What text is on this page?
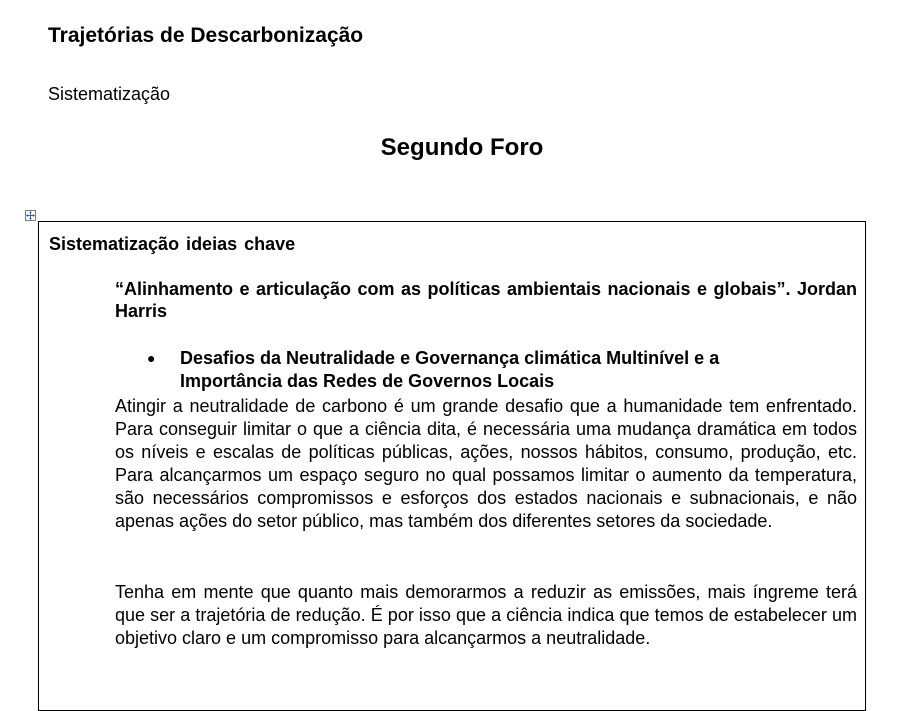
Trajetórias de Descarbonização

Sistematização

Segundo Foro

Sistematização ideias chave

“Alinhamento e articulação com as políticas ambientais nacionais e globais”. Jordan Harris

● Desafios da Neutralidade e Governança climática Multinível e a Importância das Redes de Governos Locais

Atingir a neutralidade de carbono é um grande desafio que a humanidade tem enfrentado. Para conseguir limitar o que a ciência dita, é necessária uma mudança dramática em todos os níveis e escalas de políticas públicas, ações, nossos hábitos, consumo, produção, etc. Para alcançarmos um espaço seguro no qual possamos limitar o aumento da temperatura, são necessários compromissos e esforços dos estados nacionais e subnacionais, e não apenas ações do setor público, mas também dos diferentes setores da sociedade.

Tenha em mente que quanto mais demorarmos a reduzir as emissões, mais íngreme terá que ser a trajetória de redução. É por isso que a ciência indica que temos de estabelecer um objetivo claro e um compromisso para alcançarmos a neutralidade.
